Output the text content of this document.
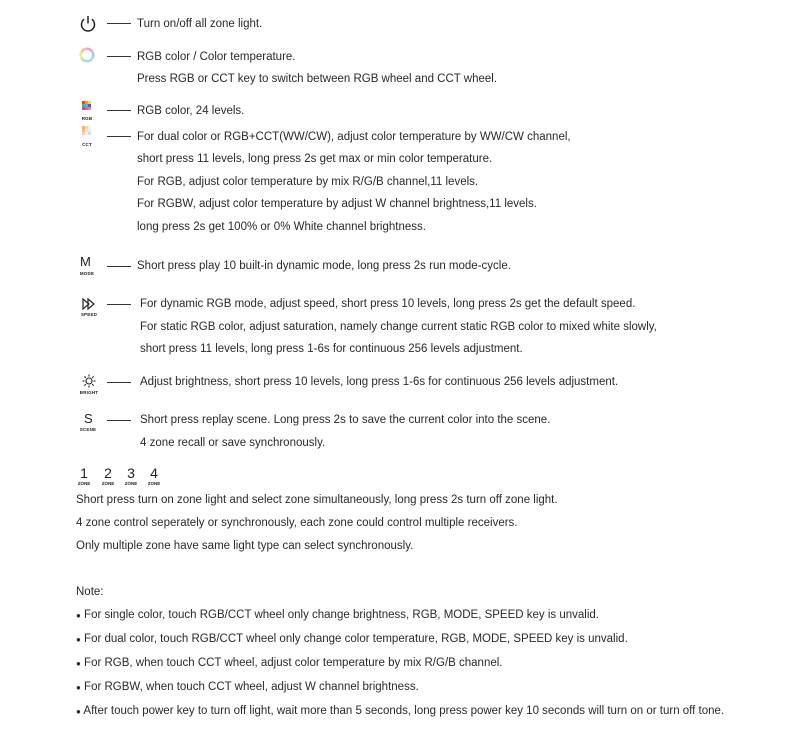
Turn on/off all zone light.
RGB color / Color temperature.
Press RGB or CCT key to switch between RGB wheel and CCT wheel.
RGB
RGB color, 24 levels.
CCT
For dual color or RGB+CCT(WW/CW), adjust color temperature by WW/CW channel,
short press 11 levels, long press 2s get max or min color temperature.
For RGB, adjust color temperature by mix R/G/B channel,11 levels.
For RGBW, adjust color temperature by adjust W channel brightness,11 levels.
long press 2s get 100% or 0% White channel brightness.
M
MODE
Short press play 10 built-in dynamic mode, long press 2s run mode-cycle.
SPEED
For dynamic RGB mode, adjust speed, short press 10 levels, long press 2s get the default speed.
For static RGB color, adjust saturation, namely change current static RGB color to mixed white slowly,
short press 11 levels, long press 1-6s for continuous 256 levels adjustment.
BRIGHT
Adjust brightness, short press 10 levels, long press 1-6s for continuous 256 levels adjustment.
S
SCENE
Short press replay scene. Long press 2s to save the current color into the scene.
4 zone recall or save synchronously.
1
ZONE
2
ZONE
3
ZONE
4
ZONE
Short press turn on zone light and select zone simultaneously, long press 2s turn off zone light.
4 zone control seperately or synchronously, each zone could control multiple receivers.
Only multiple zone have same light type can select synchronously.
Note:
● For single color, touch RGB/CCT wheel only change brightness, RGB, MODE, SPEED key is unvalid.
● For dual color, touch RGB/CCT wheel only change color temperature, RGB, MODE, SPEED key is unvalid.
● For RGB, when touch CCT wheel, adjust color temperature by mix R/G/B channel.
● For RGBW, when touch CCT wheel, adjust W channel brightness.
● After touch power key to turn off light, wait more than 5 seconds, long press power key 10 seconds will turn on or turn off tone.
